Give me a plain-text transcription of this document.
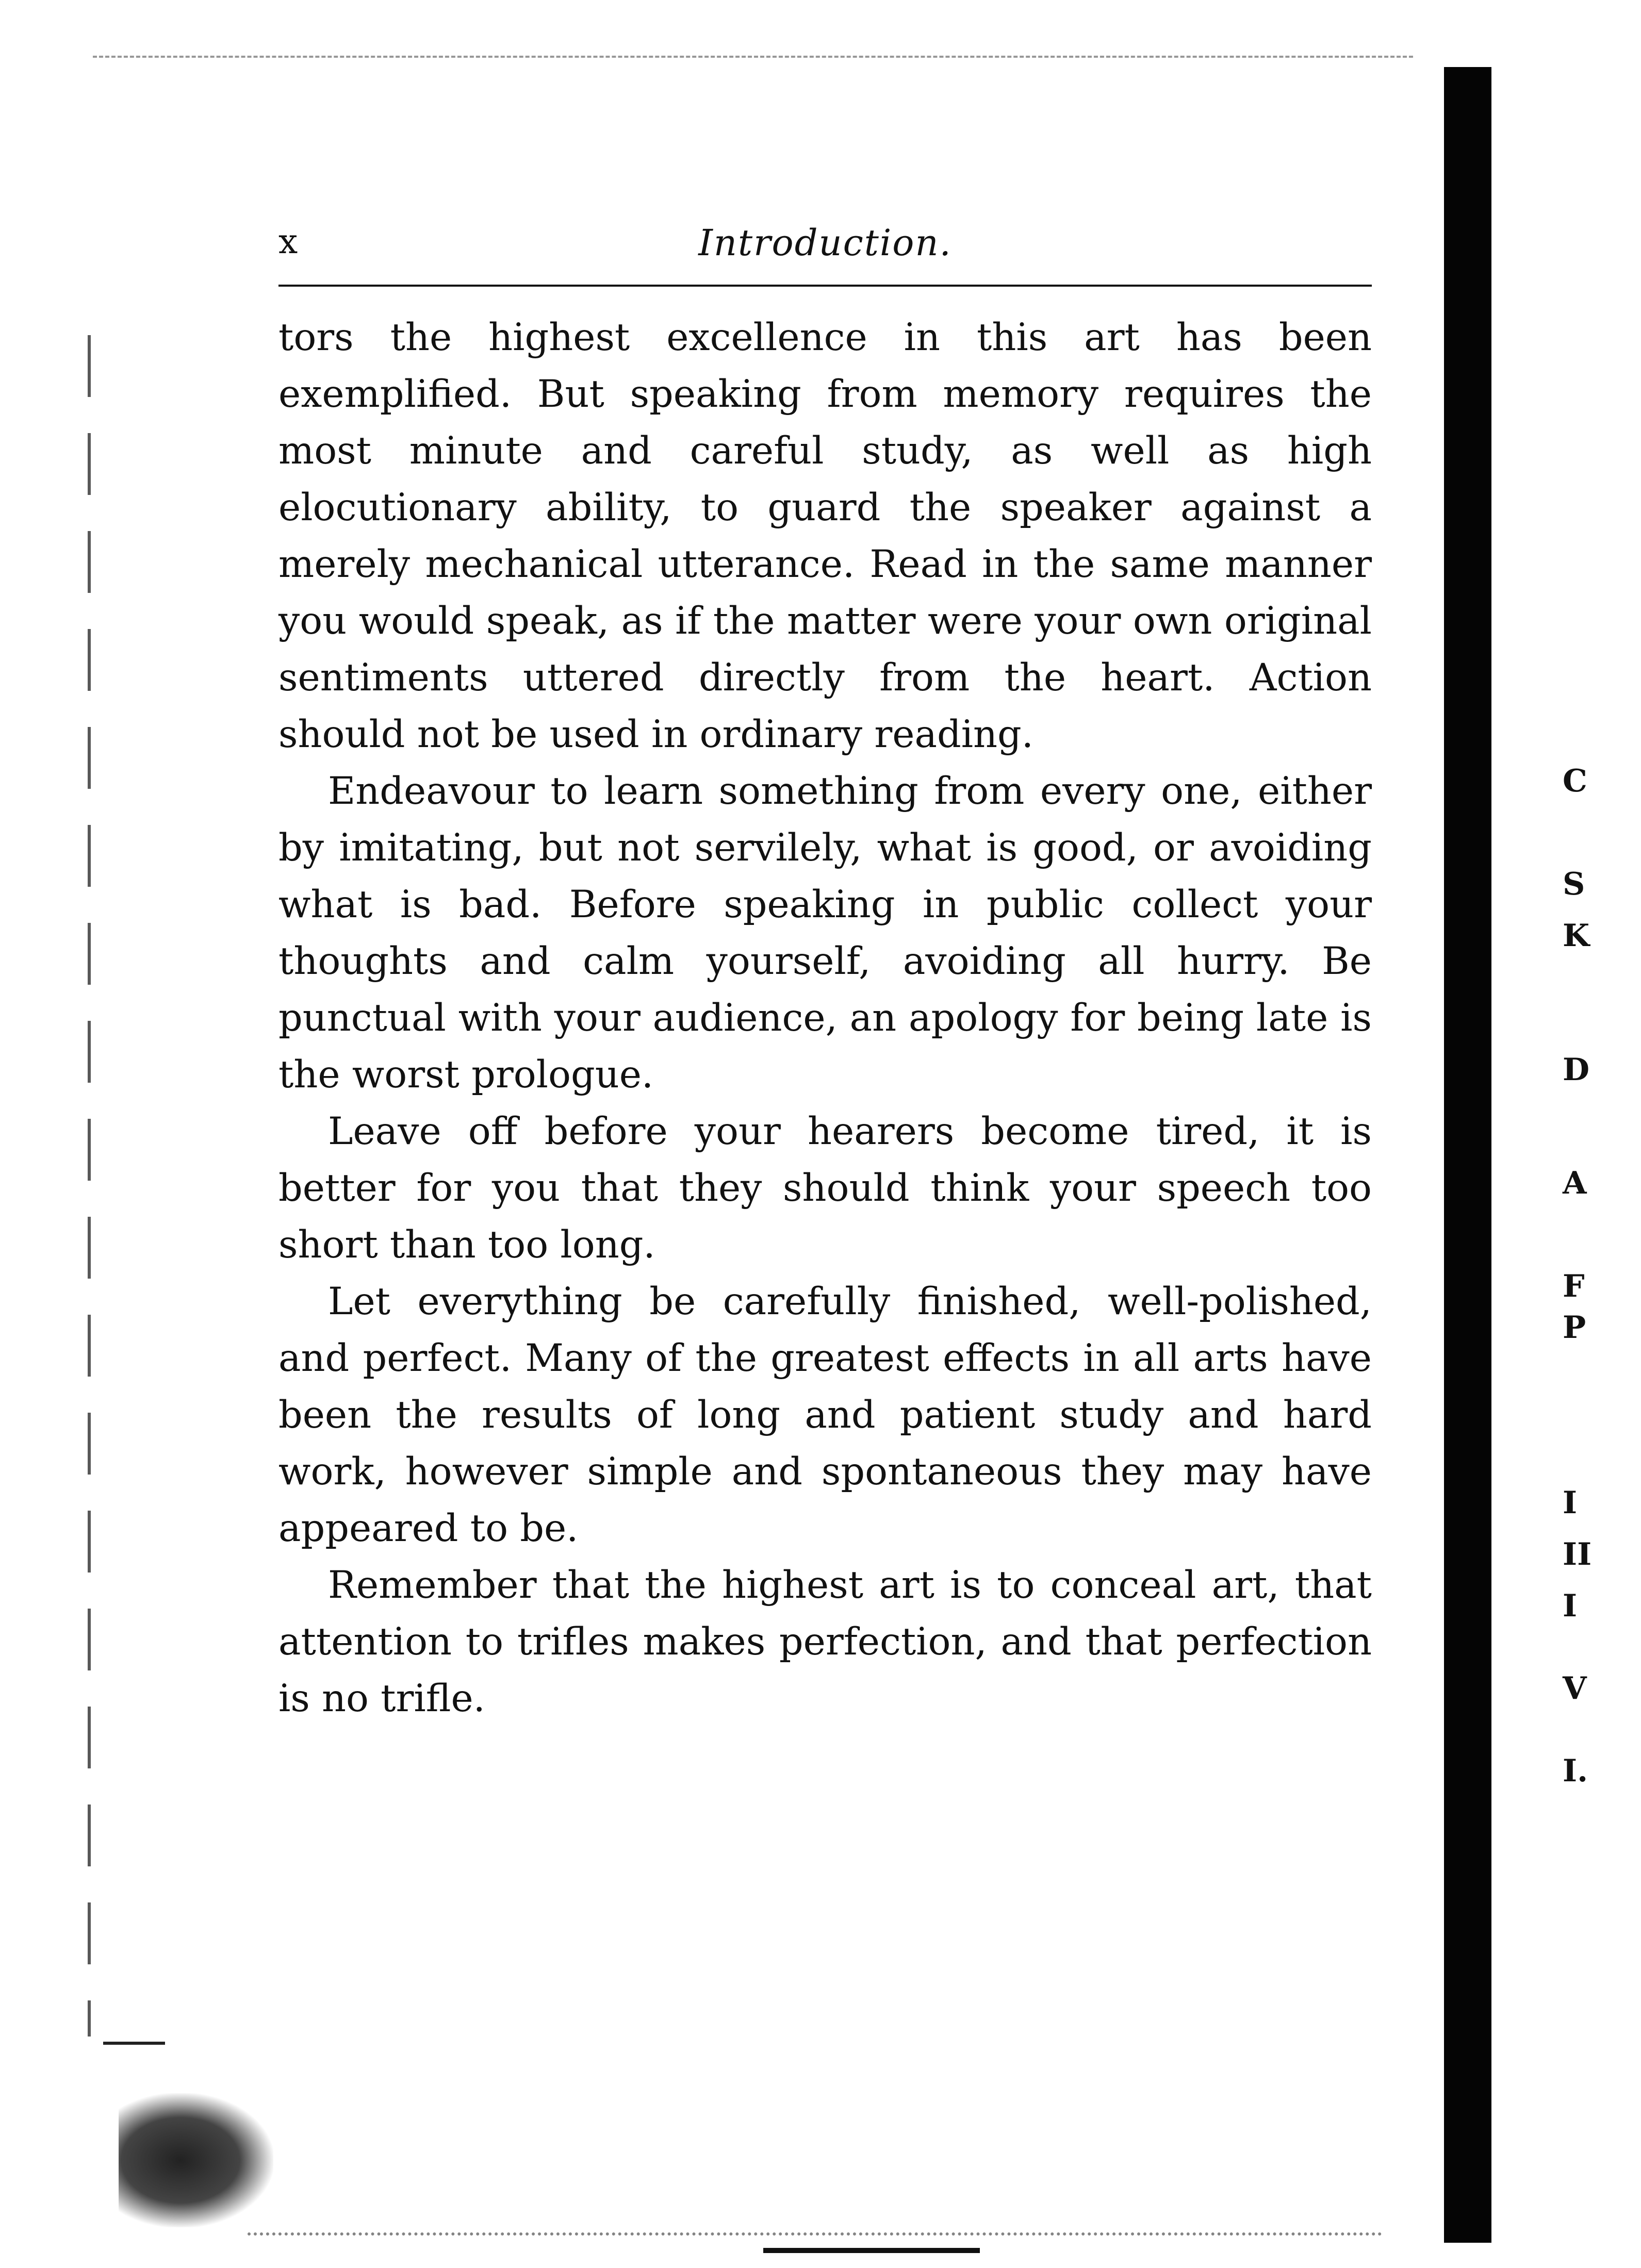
x	Introduction.

tors the highest excellence in this art has been exemplified. But speaking from memory requires the most minute and careful study, as well as high elocutionary ability, to guard the speaker against a merely mechanical utterance. Read in the same manner you would speak, as if the matter were your own original sentiments uttered directly from the heart. Action should not be used in ordinary reading.

Endeavour to learn something from every one, either by imitating, but not servilely, what is good, or avoiding what is bad. Before speaking in public collect your thoughts and calm yourself, avoiding all hurry. Be punctual with your audience, an apology for being late is the worst prologue.

Leave off before your hearers become tired, it is better for you that they should think your speech too short than too long.

Let everything be carefully finished, well-polished, and perfect. Many of the greatest effects in all arts have been the results of long and patient study and hard work, however simple and spontaneous they may have appeared to be.

Remember that the highest art is to conceal art, that attention to trifles makes perfection, and that perfection is no trifle.

C
S
K
D
A
F
P
I
II
I
V
I.
